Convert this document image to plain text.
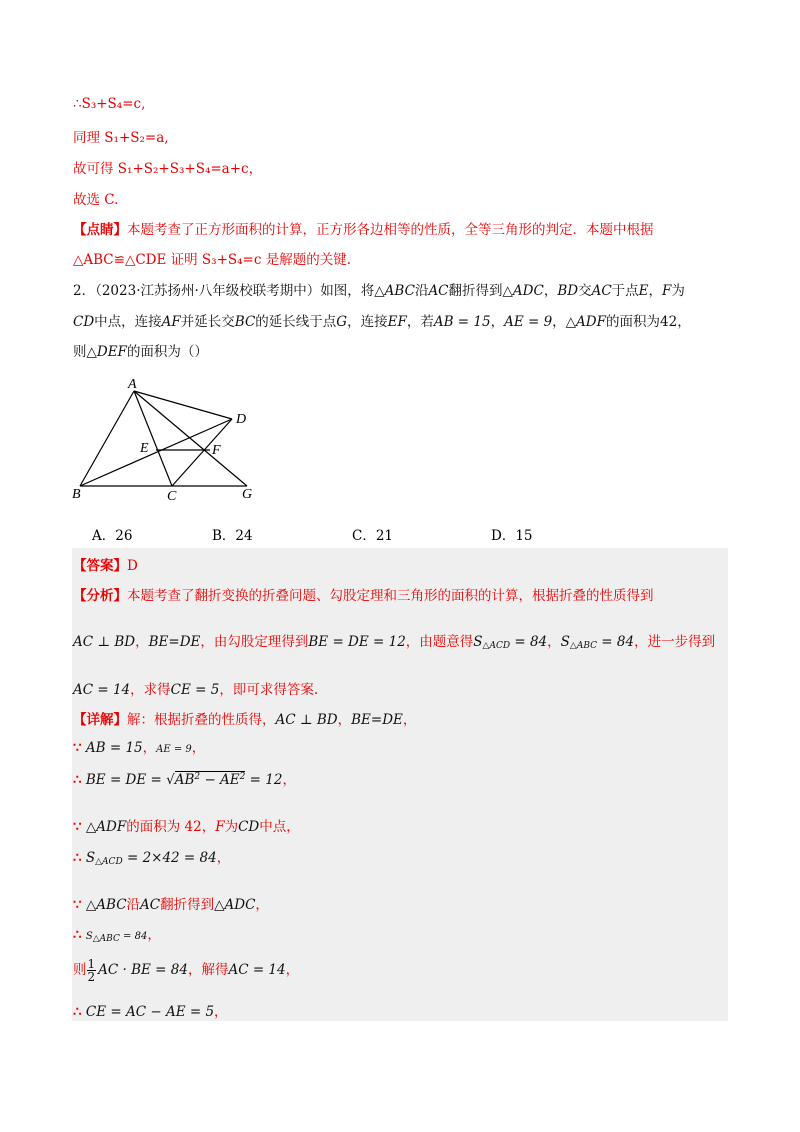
∴S₃+S₄=c,
同理 S₁+S₂=a,
故可得 S₁+S₂+S₃+S₄=a+c，
故选 C.
【点睛】本题考查了正方形面积的计算，正方形各边相等的性质，全等三角形的判定．本题中根据
△ABC≌△CDE 证明 S₃+S₄=c 是解题的关键.
2．（2023·江苏扬州·八年级校联考期中）如图，将△ABC沿AC翻折得到△ADC，BD交AC于点E，F为
CD中点，连接AF并延长交BC的延长线于点G，连接EF，若AB = 15，AE = 9，△ADF的面积为42，
则△DEF的面积为（）
A
B	C
D
E	F
G
A．26	B．24	C．21	D．15
【答案】D
【分析】本题考查了翻折变换的折叠问题、勾股定理和三角形的面积的计算，根据折叠的性质得到
AC ⊥ BD，BE=DE，由勾股定理得到BE = DE = 12，由题意得$S_{\triangle ACD} = 84$，$S_{\triangle ABC} = 84$，进一步得到
AC = 14，求得CE = 5，即可求得答案.
【详解】解：根据折叠的性质得，AC ⊥ BD，BE=DE，
∵ AB = 15，AE = 9，
∴ BE = DE = $√AB^2 - AE^2 = 12$，
∵ △ADF的面积为 42，F为CD中点，
∴ $S_{\triangle ACD} = 2\times 42 = 84$，
∵ △ABC沿AC翻折得到△ADC，
∴ $S_{\triangle ABC} = 84$，
则 $\frac{1}{2}$ AC · BE = 84，解得AC = 14，
∴ CE = AC − AE = 5，
